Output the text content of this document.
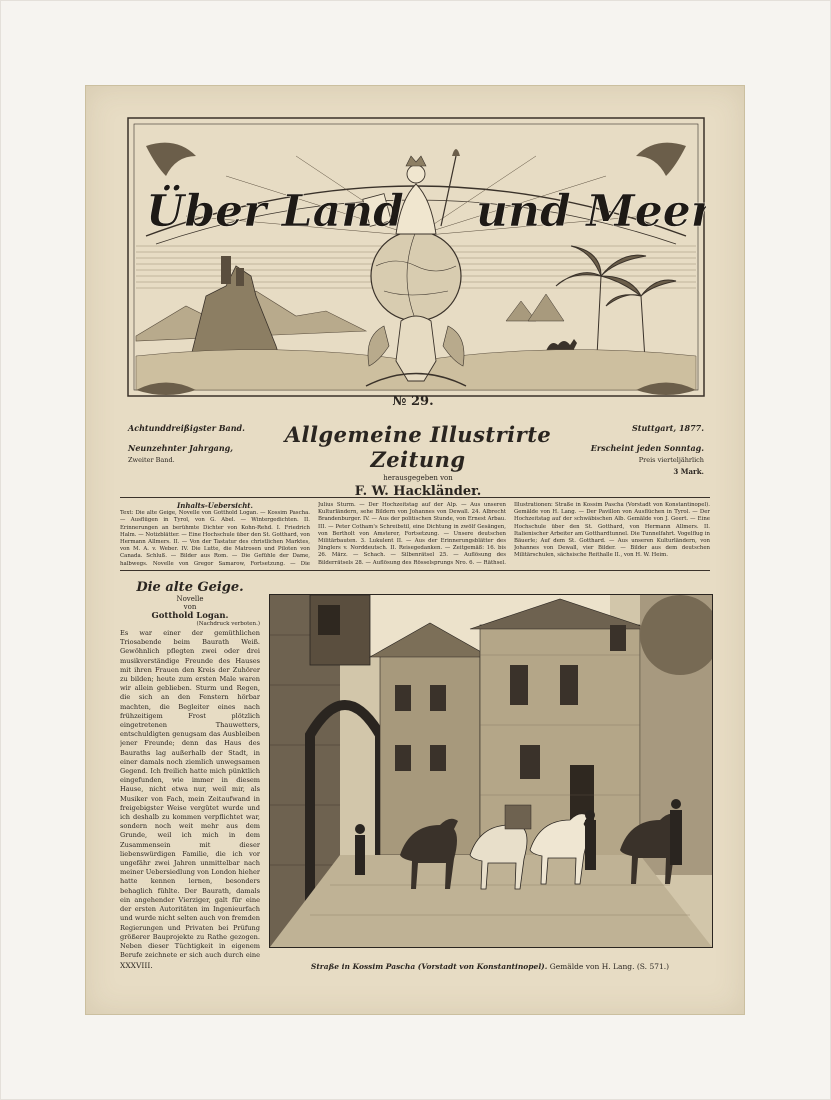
Über Land und Meer.
№ 29.
Achtunddreißigster Band.
Neunzehnter Jahrgang,
Zweiter Band.
Allgemeine Illustrirte Zeitung
herausgegeben von
F. W. Hackländer.
Stuttgart, 1877.
Erscheint jeden Sonntag.
Preis vierteljährlich
3 Mark.
Inhalts-Uebersicht.
Text: Die alte Geige, Novelle von Gotthold Logan. — Kossim Pascha. — Ausflügen in Tyrol, von G. Abel. — Wintergedichten. II. Erinnerungen an berühmte Dichter von Kohn-Rehd. I. Friedrich Halm. — Notizblätter. — Eine Hochschule über den St. Gotthard, von Hermann Allmers. II. — Von der Tastatur des christlichen Marktes, von M. A. v. Weber. IV. Die Lutte, die Matrosen und Piloten von Canada. Schluß. — Bilder aus Rom. — Die Gefühle der Dame, halbwegs. Novelle von Gregor Samarow, Fortsetzung. — Die
Julius Sturm. — Der Hochzeitstag auf der Alp. — Aus unseren Kulturländern, sehe Bildern von Johannes von Dewall. 24. Albrecht Brandenburger. IV. — Aus der politischen Stunde, von Ernest Arbau. III. — Peter Cotham's Schreibstil, eine Dichtung in zwölf Gesängen, von Bertholt von Amsterer, Fortsetzung. — Unsere deutschen Militärbauten. 3. Lukulent II. — Aus der Erinnerungsblätter des Jünglers v. Norddeutsch. II. Reisegedanken. — Zeitgemäß: 16. bis 26. März. — Schach. — Silbenrätsel 25. — Auflösung des Bilderrätsels 28. — Auflösung des Rösselsprungs Nro. 6. — Räthsel.
Illustrationen: Straße in Kossim Pascha (Vorstadt von Konstantinopel). Gemälde von H. Lang. — Der Pavillon von Ausflüchen in Tyrol. — Der Hochzeitstag auf der schwäbischen Alb. Gemälde von J. Geert. — Eine Hochschule über den St. Gotthard, von Hermann Allmers. II. Italienischer Arbeiter am Gotthardtunnel. Die Tunnelfahrt. Vogelflug in Bäuerle; Auf dem St. Gotthard. — Aus unseren Kulturländern, von Johannes von Dewall, vier Bilder. — Bilder aus dem deutschen Militärschulen, sächsische Reithalle II., von H. W. Heim.
Die alte Geige.
Novelle
von
Gotthold Logan.
(Nachdruck verboten.)
Es war einer der gemüthlichen Triosabende beim Baurath Weiß. Gewöhnlich pflegten zwei oder drei musikverständige Freunde des Hauses mit ihren Frauen den Kreis der Zuhörer zu bilden; heute zum ersten Male waren wir allein geblieben. Sturm und Regen, die sich an den Fenstern hörbar machten, die Begleiter eines nach frühzeitigem Frost plötzlich eingetretenen Thauwetters, entschuldigten genugsam das Ausbleiben jener Freunde; denn das Haus des Bauraths lag außerhalb der Stadt, in einer damals noch ziemlich unwegsamen Gegend. Ich freilich hatte mich pünktlich eingefunden, wie immer in diesem Hause, nicht etwa nur, weil mir, als Musiker von Fach, mein Zeitaufwand in freigebigster Weise vergütet wurde und ich deshalb zu kommen verpflichtet war, sondern noch weit mehr aus dem Grunde, weil ich mich in dem Zusammensein mit dieser liebenswürdigen Familie, die ich vor ungefähr zwei Jahren unmittelbar nach meiner Uebersiedlung von London hieher hatte kennen lernen, besonders behaglich fühlte. Der Baurath, damals ein angehender Vierziger, galt für eine der ersten Autoritäten im Ingenieurfach und wurde nicht selten auch von fremden Regierungen und Privaten bei Prüfung größerer Bauprojekte zu Rathe gezogen. Neben dieser Tüchtigkeit in eigenem Berufe zeichnete er sich auch durch eine
XXXVIII.	Straße in Kossim Pascha (Vorstadt von Konstantinopel). Gemälde von H. Lang. (S. 571.)
